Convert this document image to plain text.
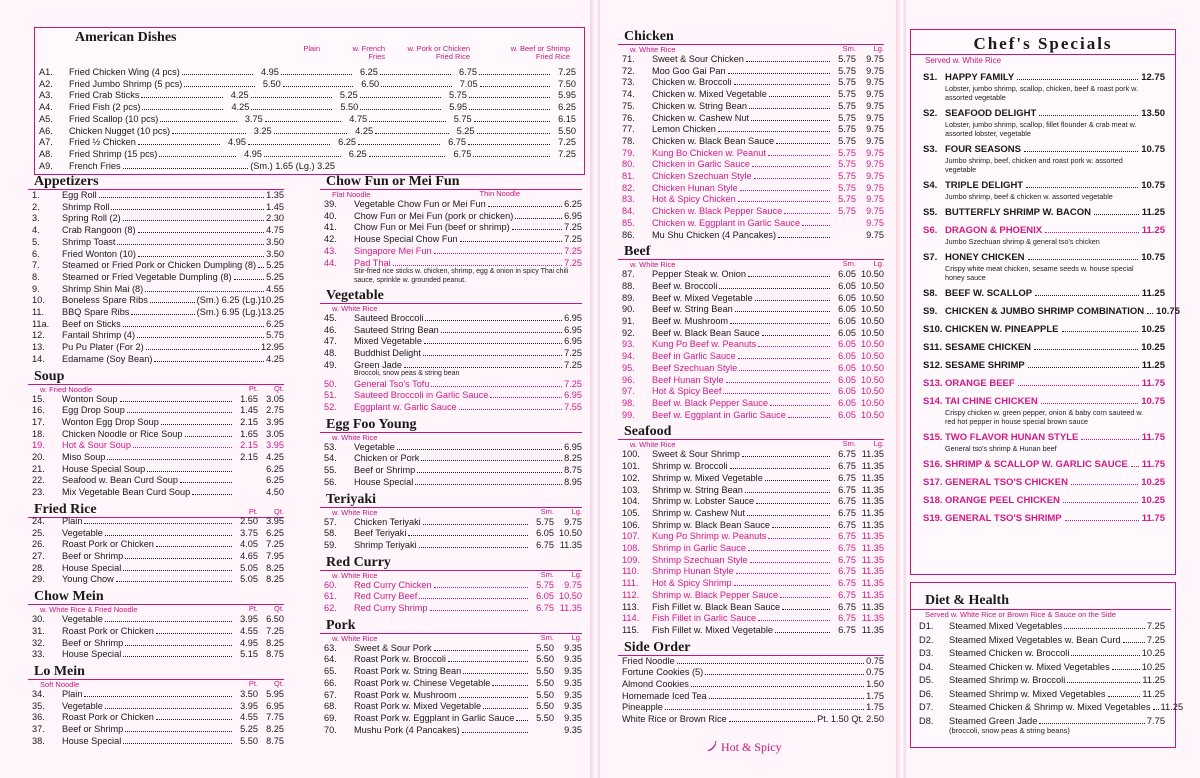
American Dishes
Plain	w. French
Fries
w. Pork or Chicken
Fried Rice
w. Beef or Shrimp
Fried Rice
A1.	Fried Chicken Wing (4 pcs)	4.95	6.25	6.75	7.25
A2.	Fried Jumbo Shrimp (5 pcs)	5.50	6.50	7.05	7.50
A3.	Fried Crab Sticks	4.25	5.25	5.75	5.95
A4.	Fried Fish (2 pcs)	4.25	5.50	5.95	6.25
A5.	Fried Scallop (10 pcs)	3.75	4.75	5.75	6.15
A6.	Chicken Nugget (10 pcs)	3.25	4.25	5.25	5.50
A7.	Fried ½ Chicken	4.95	6.25	6.75	7.25
A8.	Fried Shrimp (15 pcs)	4.95	6.25	6.75	7.25
A9.	French Fries	(Sm.) 1.65 (Lg.) 3.25
Appetizers
1.	Egg Roll	1.35
2.	Shrimp Roll	1.45
3.	Spring Roll (2)	2.30
4.	Crab Rangoon (8)	4.75
5.	Shrimp Toast	3.50
6.	Fried Wonton (10)	3.50
7.	Steamed or Fried Pork or Chicken Dumpling (8) 5.25
8.	Steamed or Fried Vegetable Dumpling (8)	5.25
9.	Shrimp Shin Mai (8)	4.55
10.	Boneless Spare Ribs	(Sm.) 6.25 (Lg.) 10.25
11.	BBQ Spare Ribs	(Sm.) 6.95 (Lg.) 13.25
11a.	Beef on Sticks	6.25
12.	Fantail Shrimp (4)	5.75
13.	Pu Pu Plater (For 2)	12.95
14.	Edamame (Soy Bean)	4.25
Soup
w. Fried Noodle	Pt.	Qt.
15.	Wonton Soup	1.65 3.05
16.	Egg Drop Soup	1.45 2.75
17.	Wonton Egg Drop Soup	2.15 3.95
18.	Chicken Noodle or Rice Soup	1.65 3.05
19.	Hot & Sour Soup	2.15 3.95
20.	Miso Soup	2.15 4.25
21.	House Special Soup	6.25
22.	Seafood w. Bean Curd Soup	6.25
23.	Mix Vegetable Bean Curd Soup	4.50
Fried Rice	Pt.	Qt.
24.	Plain	2.50 3.95
25.	Vegetable	3.75 6.25
26.	Roast Pork or Chicken	4.05 7.25
27.	Beef or Shrimp	4.65 7.95
28.	House Special	5.05 8.25
29.	Young Chow	5.05 8.25
Chow Mein
w. White Rice & Fried Noodle	Pt.	Qt.
30.	Vegetable	3.95 6.50
31.	Roast Pork or Chicken	4.55 7.25
32.	Beef or Shrimp	4.95 8.25
33.	House Special	5.15 8.75
Lo Mein
Soft Noodle	Pt.	Qt.
34.	Plain	3.50 5.95
35.	Vegetable	3.95 6.95
36.	Roast Pork or Chicken	4.55 7.75
37.	Beef or Shrimp	5.25 8.25
38.	House Special	5.50 8.75
Chow Fun or Mei Fun
Flat Noodle	Thin Noodle
39.	Vegetable Chow Fun or Mei Fun	6.25
40.	Chow Fun or Mei Fun (pork or chicken)	6.95
41.	Chow Fun or Mei Fun (beef or shrimp)	7.25
42.	House Special Chow Fun	7.25
43.	Singapore Mei Fun	7.25
44.	Pad Thai	7.25
Stir-fried rice sticks w. chicken, shrimp, egg & onion in spicy Thai chili sauce, sprinkle w. grounded peanut.
Vegetable
w. White Rice
45.	Sauteed Broccoli	6.95
46.	Sauteed String Bean	6.95
47.	Mixed Vegetable	6.95
48.	Buddhist Delight	7.25
49.	Green Jade	7.25
Broccoli, snow peas & string bean
50.	General Tso's Tofu	7.25
51.	Sauteed Broccoli in Garlic Sauce	6.95
52.	Eggplant w. Garlic Sauce	7.55
Egg Foo Young
w. White Rice
53.	Vegetable	6.95
54.	Chicken or Pork	8.25
55.	Beef or Shrimp	8.75
56.	House Special	8.95
Teriyaki
w. White Rice	Sm.	Lg.
57.	Chicken Teriyaki	5.75	9.75
58.	Beef Teriyaki	6.05 10.50
59.	Shrimp Teriyaki	6.75 11.35
Red Curry
w. White Rice	Sm.	Lg.
60.	Red Curry Chicken	5.75	9.75
61.	Red Curry Beef	6.05 10.50
62.	Red Curry Shrimp	6.75 11.35
Pork
w. White Rice	Sm.	Lg.
63.	Sweet & Sour Pork	5.50	9.35
64.	Roast Pork w. Broccoli	5.50	9.35
65.	Roast Pork w. String Bean	5.50	9.35
66.	Roast Pork w. Chinese Vegetable	5.50	9.35
67.	Roast Pork w. Mushroom	5.50	9.35
68.	Roast Pork w. Mixed Vegetable	5.50	9.35
69.	Roast Pork w. Eggplant in Garlic Sauce	5.50	9.35
70.	Mushu Pork (4 Pancakes)	9.35
Chicken
w. White Rice	Sm.	Lg.
71.	Sweet & Sour Chicken	5.75	9.75
72.	Moo Goo Gai Pan	5.75	9.75
73.	Chicken w. Broccoli	5.75	9.75
74.	Chicken w. Mixed Vegetable	5.75	9.75
75.	Chicken w. String Bean	5.75	9.75
76.	Chicken w. Cashew Nut	5.75	9.75
77.	Lemon Chicken	5.75	9.75
78.	Chicken w. Black Bean Sauce	5.75	9.75
79.	Kung Bo Chicken w. Peanut	5.75	9.75
80.	Chicken in Garlic Sauce	5.75	9.75
81.	Chicken Szechuan Style	5.75	9.75
82.	Chicken Hunan Style	5.75	9.75
83.	Hot & Spicy Chicken	5.75	9.75
84.	Chicken w. Black Pepper Sauce	5.75	9.75
85.	Chicken w. Eggplant in Garlic Sauce	9.75
86.	Mu Shu Chicken (4 Pancakes)	9.75
Beef
w. White Rice	Sm.	Lg.
87.	Pepper Steak w. Onion	6.05 10.50
88.	Beef w. Broccoli	6.05 10.50
89.	Beef w. Mixed Vegetable	6.05 10.50
90.	Beef w. String Bean	6.05 10.50
91.	Beef w. Mushroom	6.05 10.50
92.	Beef w. Black Bean Sauce	6.05 10.50
93.	Kung Po Beef w. Peanuts	6.05 10.50
94.	Beef in Garlic Sauce	6.05 10.50
95.	Beef Szechuan Style	6.05 10.50
96.	Beef Hunan Style	6.05 10.50
97.	Hot & Spicy Beef	6.05 10.50
98.	Beef w. Black Pepper Sauce	6.05 10.50
99.	Beef w. Eggplant in Garlic Sauce	6.05 10.50
Seafood
w. White Rice	Sm.	Lg.
100.	Sweet & Sour Shrimp	6.75 11.35
101.	Shrimp w. Broccoli	6.75 11.35
102.	Shrimp w. Mixed Vegetable	6.75 11.35
103.	Shrimp w. String Bean	6.75 11.35
104.	Shrimp w. Lobster Sauce	6.75 11.35
105.	Shrimp w. Cashew Nut	6.75 11.35
106.	Shrimp w. Black Bean Sauce	6.75 11.35
107.	Kung Po Shrimp w. Peanuts	6.75 11.35
108.	Shrimp in Garlic Sauce	6.75 11.35
109.	Shrimp Szechuan Style	6.75 11.35
110.	Shrimp Hunan Style	6.75 11.35
111.	Hot & Spicy Shrimp	6.75 11.35
112.	Shrimp w. Black Pepper Sauce	6.75 11.35
113.	Fish Fillet w. Black Bean Sauce	6.75 11.35
114.	Fish Fillet in Garlic Sauce	6.75 11.35
115.	Fish Fillet w. Mixed Vegetable	6.75 11.35
Side Order
Fried Noodle	0.75
Fortune Cookies (5)	0.75
Almond Cookies	1.50
Homemade Iced Tea	1.75
Pineapple	1.75
White Rice or Brown Rice	Pt. 1.50 Qt. 2.50
Hot & Spicy
Chef's Specials
Served w. White Rice
S1. HAPPY FAMILY	12.75
Lobster, jumbo shrimp, scallop, chicken, beef & roast pork w. assorted vegetable
S2. SEAFOOD DELIGHT	13.50
Lobster, jumbo shrimp, scallop, fillet flounder & crab meat w. assorted lobster, vegetable
S3. FOUR SEASONS	10.75
Jumbo shrimp, beef, chicken and roast pork w. assorted vegetable
S4. TRIPLE DELIGHT	10.75
Jumbo shrimp, beef & chicken w. assorted vegetable
S5. BUTTERFLY SHRIMP W. BACON	11.25
S6. DRAGON & PHOENIX	11.25
Jumbo Szechuan shrimp & general tso's chicken
S7. HONEY CHICKEN	10.75
Crispy white meat chicken, sesame seeds w. house special honey sauce
S8. BEEF W. SCALLOP	11.25
S9. CHICKEN & JUMBO SHRIMP COMBINATION 10.75
S10. CHICKEN W. PINEAPPLE	10.25
S11. SESAME CHICKEN	10.25
S12. SESAME SHRIMP	11.25
S13. ORANGE BEEF	11.75
S14. TAI CHINE CHICKEN	10.75
Crispy chicken w. green pepper, onion & baby corn sauteed w. red hot pepper in house special brown sauce
S15. TWO FLAVOR HUNAN STYLE	11.75
General tso's shrimp & Hunan beef
S16. SHRIMP & SCALLOP W. GARLIC SAUCE 11.75
S17. GENERAL TSO'S CHICKEN	10.25
S18. ORANGE PEEL CHICKEN	10.25
S19. GENERAL TSO'S SHRIMP	11.75
Diet & Health
Served w. White Rice or Brown Rice & Sauce on the Side
D1.	Steamed Mixed Vegetables	7.25
D2.	Steamed Mixed Vegetables w. Bean Curd	7.25
D3.	Steamed Chicken w. Broccoli	10.25
D4.	Steamed Chicken w. Mixed Vegetables	10.25
D5.	Steamed Shrimp w. Broccoli	11.25
D6.	Steamed Shrimp w. Mixed Vegetables	11.25
D7.	Steamed Chicken & Shrimp w. Mixed Vegetables 11.25
D8.	Steamed Green Jade	7.75
(broccoli, snow peas & string beans)
